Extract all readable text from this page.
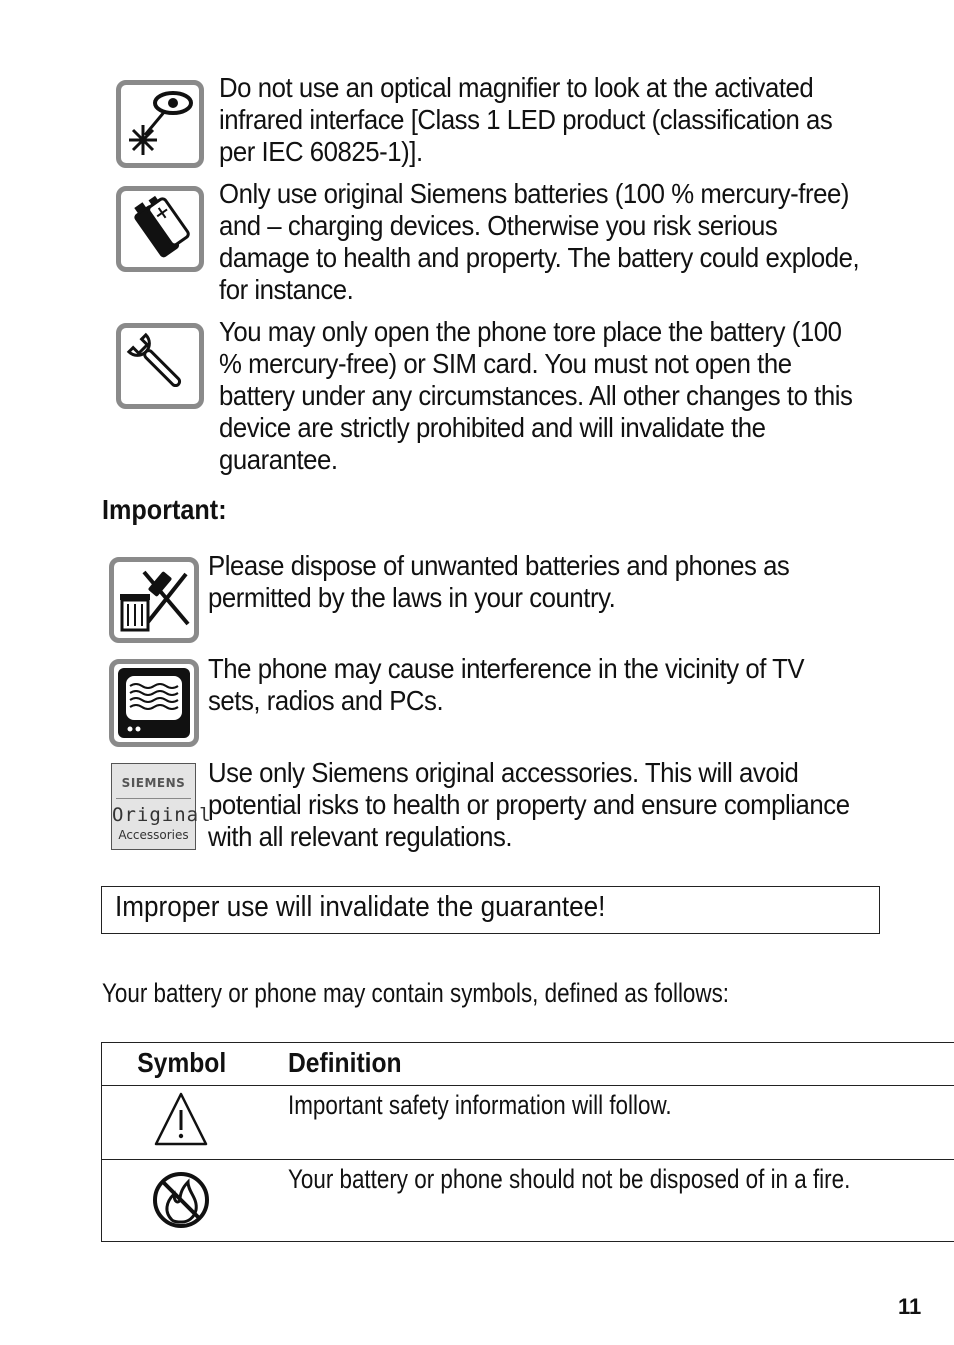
Do not use an optical magnifier to look at the activated infrared interface [Class 1 LED product (classification as per IEC 60825-1)].

Only use original Siemens batteries (100 % mercury-free) and – charging devices. Otherwise you risk serious damage to health and property. The battery could explode, for instance.

You may only open the phone tore place the battery (100 % mercury-free) or SIM card. You must not open the battery under any circumstances. All other changes to this device are strictly prohibited and will invalidate the guarantee.

Important:

Please dispose of unwanted batteries and phones as permitted by the laws in your country.

The phone may cause interference in the vicinity of TV sets, radios and PCs.

SIEMENS
Original
Accessories

Use only Siemens original accessories. This will avoid potential risks to health or property and ensure compliance with all relevant regulations.

Improper use will invalidate the guarantee!
Your battery or phone may contain symbols, defined as follows:
Symbol	Definition
	Important safety information will follow.
	Your battery or phone should not be disposed of in a fire.
11
